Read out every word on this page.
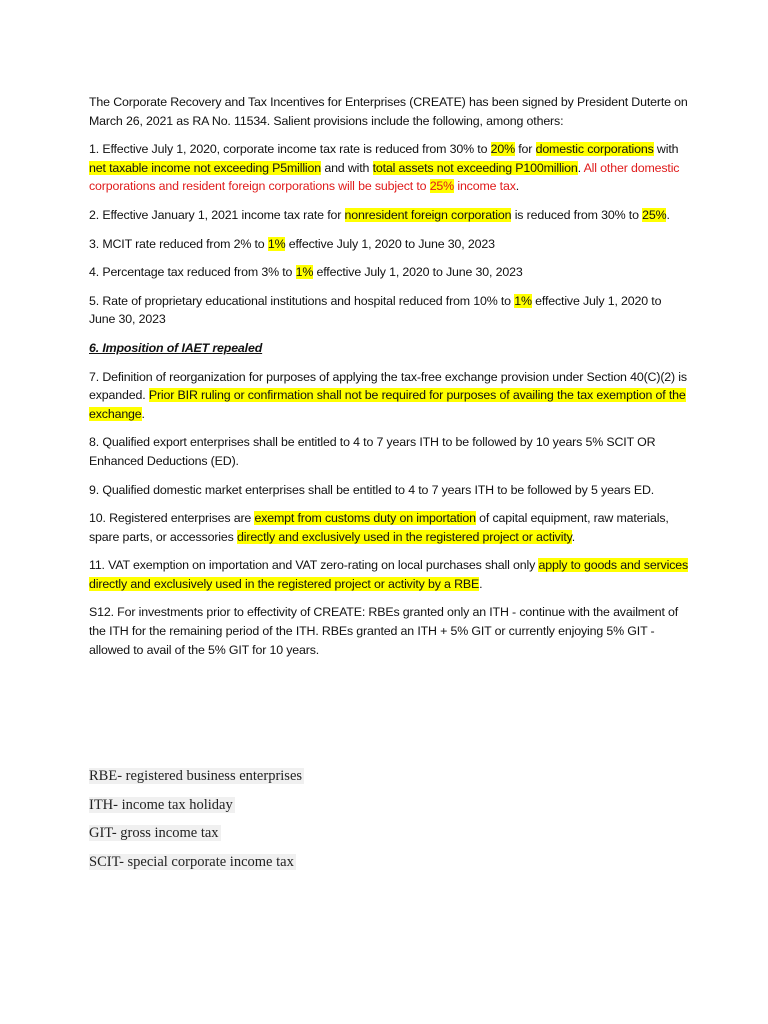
The Corporate Recovery and Tax Incentives for Enterprises (CREATE) has been signed by President Duterte on March 26, 2021 as RA No. 11534. Salient provisions include the following, among others:

1. Effective July 1, 2020, corporate income tax rate is reduced from 30% to 20% for domestic corporations with net taxable income not exceeding P5million and with total assets not exceeding P100million. All other domestic corporations and resident foreign corporations will be subject to 25% income tax.

2. Effective January 1, 2021 income tax rate for nonresident foreign corporation is reduced from 30% to 25%.

3. MCIT rate reduced from 2% to 1% effective July 1, 2020 to June 30, 2023

4. Percentage tax reduced from 3% to 1% effective July 1, 2020 to June 30, 2023

5. Rate of proprietary educational institutions and hospital reduced from 10% to 1% effective July 1, 2020 to June 30, 2023

6. Imposition of IAET repealed

7. Definition of reorganization for purposes of applying the tax-free exchange provision under Section 40(C)(2) is expanded. Prior BIR ruling or confirmation shall not be required for purposes of availing the tax exemption of the exchange.

8. Qualified export enterprises shall be entitled to 4 to 7 years ITH to be followed by 10 years 5% SCIT OR Enhanced Deductions (ED).

9. Qualified domestic market enterprises shall be entitled to 4 to 7 years ITH to be followed by 5 years ED.

10. Registered enterprises are exempt from customs duty on importation of capital equipment, raw materials, spare parts, or accessories directly and exclusively used in the registered project or activity.

11. VAT exemption on importation and VAT zero-rating on local purchases shall only apply to goods and services directly and exclusively used in the registered project or activity by a RBE.

S12. For investments prior to effectivity of CREATE: RBEs granted only an ITH - continue with the availment of the ITH for the remaining period of the ITH. RBEs granted an ITH + 5% GIT or currently enjoying 5% GIT - allowed to avail of the 5% GIT for 10 years.

RBE- registered business enterprises
ITH- income tax holiday
GIT- gross income tax
SCIT- special corporate income tax
